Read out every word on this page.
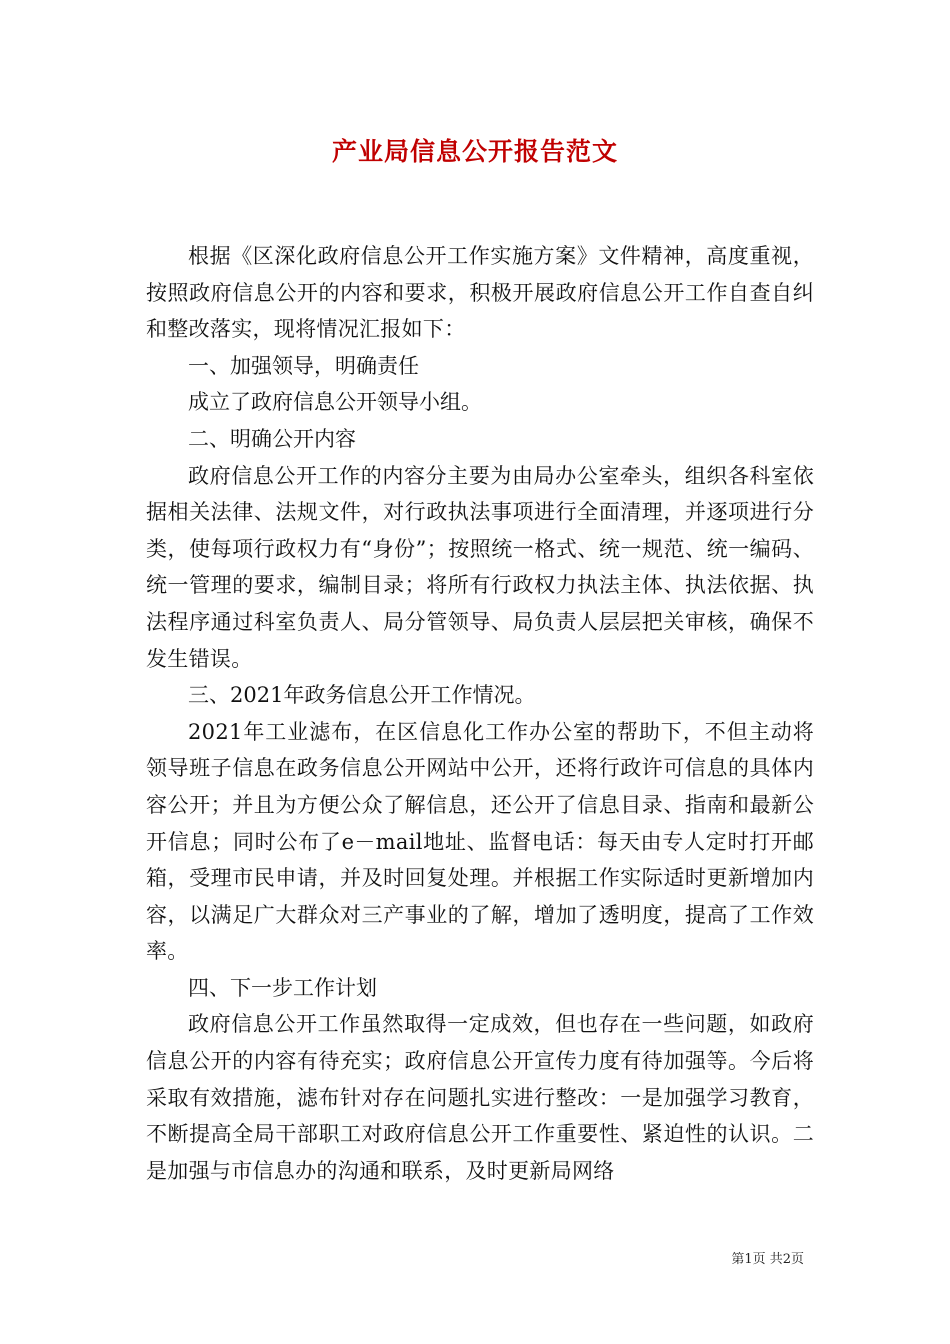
产业局信息公开报告范文

根据《区深化政府信息公开工作实施方案》文件精神，高度重视，按照政府信息公开的内容和要求，积极开展政府信息公开工作自查自纠和整改落实，现将情况汇报如下：

一、加强领导，明确责任

成立了政府信息公开领导小组。

二、明确公开内容

政府信息公开工作的内容分主要为由局办公室牵头，组织各科室依据相关法律、法规文件，对行政执法事项进行全面清理，并逐项进行分类，使每项行政权力有“身份”；按照统一格式、统一规范、统一编码、统一管理的要求，编制目录；将所有行政权力执法主体、执法依据、执法程序通过科室负责人、局分管领导、局负责人层层把关审核，确保不发生错误。

三、2021年政务信息公开工作情况。

2021年工业滤布，在区信息化工作办公室的帮助下，不但主动将领导班子信息在政务信息公开网站中公开，还将行政许可信息的具体内容公开；并且为方便公众了解信息，还公开了信息目录、指南和最新公开信息；同时公布了e－mail地址、监督电话：每天由专人定时打开邮箱，受理市民申请，并及时回复处理。并根据工作实际适时更新增加内容，以满足广大群众对三产事业的了解，增加了透明度，提高了工作效率。

四、下一步工作计划

政府信息公开工作虽然取得一定成效，但也存在一些问题，如政府信息公开的内容有待充实；政府信息公开宣传力度有待加强等。今后将采取有效措施，滤布针对存在问题扎实进行整改：一是加强学习教育，不断提高全局干部职工对政府信息公开工作重要性、紧迫性的认识。二是加强与市信息办的沟通和联系，及时更新局网络

第1页 共2页
